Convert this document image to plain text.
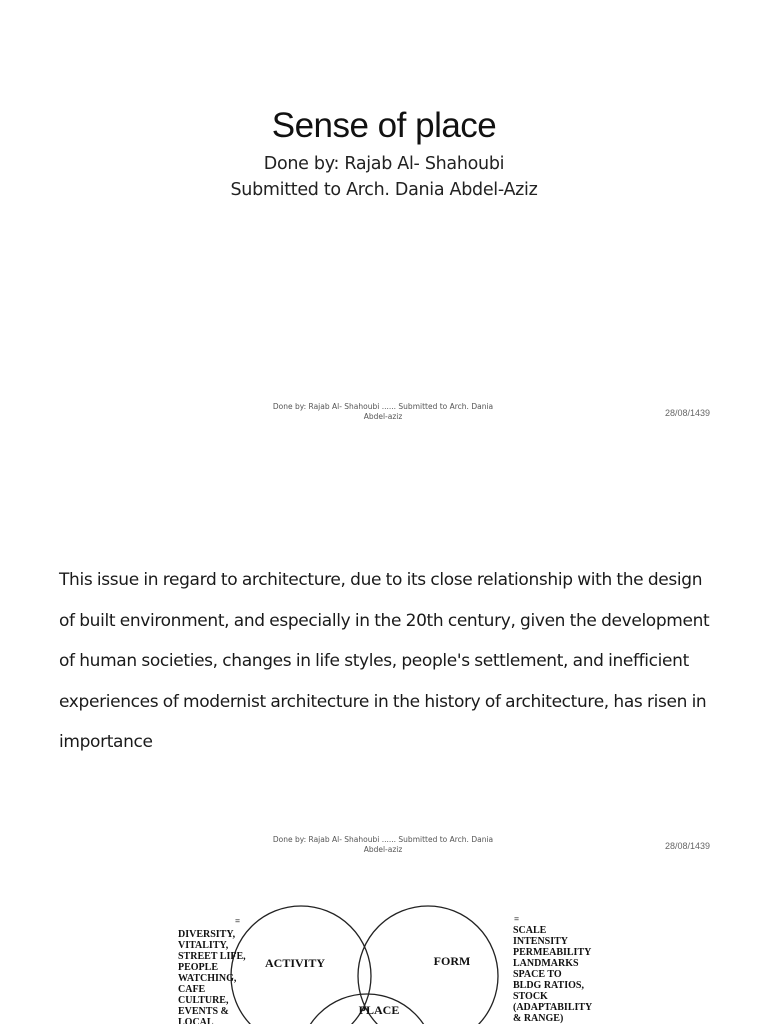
Sense of place
Done by: Rajab Al- Shahoubi
Submitted to Arch. Dania Abdel-Aziz
Done by: Rajab Al- Shahoubi ...... Submitted to Arch. Dania Abdel-aziz	28/08/1439
This issue in regard to architecture, due to its close relationship with the design of built environment, and especially in the 20th century, given the development of human societies, changes in life styles, people's settlement, and inefficient experiences of modernist architecture in the history of architecture, has risen in importance
Done by: Rajab Al- Shahoubi ...... Submitted to Arch. Dania Abdel-aziz	28/08/1439
ACTIVITY	FORM
PLACE
=
DIVERSITY,
VITALITY,
STREET LIFE,
PEOPLE
WATCHING,
CAFE
CULTURE,
EVENTS &
LOCAL
=
SCALE
INTENSITY
PERMEABILITY
LANDMARKS
SPACE TO
BLDG RATIOS,
STOCK
(ADAPTABILITY
& RANGE)
